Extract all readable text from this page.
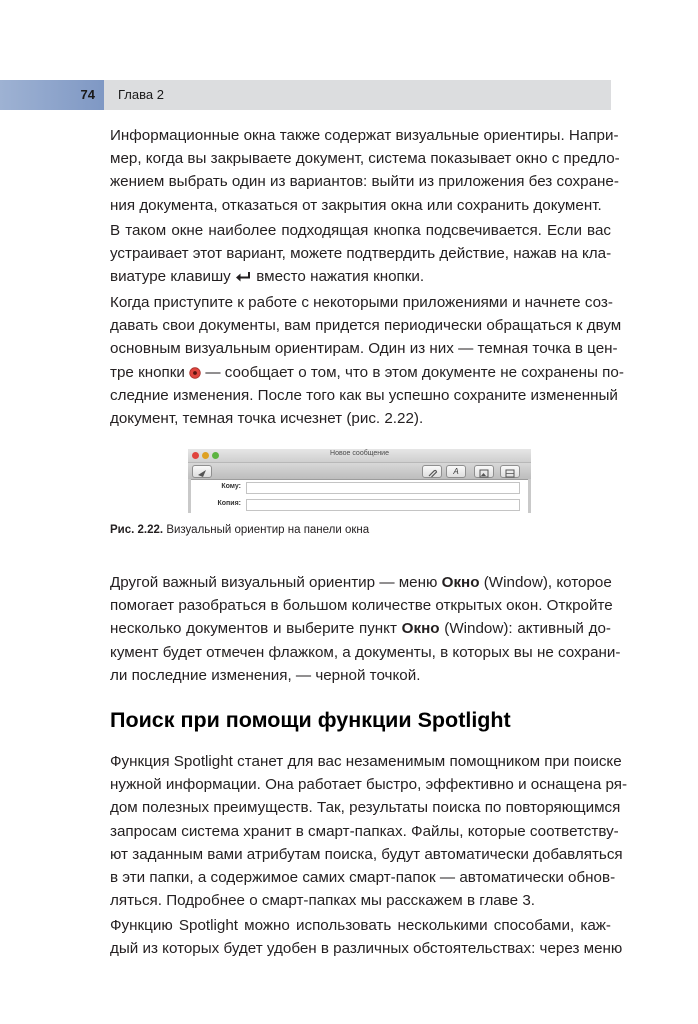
74 Глава 2

Информационные окна также содержат визуальные ориентиры. Напри-
мер, когда вы закрываете документ, система показывает окно с предло-
жением выбрать один из вариантов: выйти из приложения без сохране-
ния документа, отказаться от закрытия окна или сохранить документ.

В таком окне наиболее подходящая кнопка подсвечивается. Если вас
устраивает этот вариант, можете подтвердить действие, нажав на кла-
виатуре клавишу вместо нажатия кнопки.

Когда приступите к работе с некоторыми приложениями и начнете соз-
давать свои документы, вам придется периодически обращаться к двум
основным визуальным ориентирам. Один из них — темная точка в цен-
тре кнопки — сообщает о том, что в этом документе не сохранены по-
следние изменения. После того как вы успешно сохраните измененный
документ, темная точка исчезнет (рис. 2.22).

Новое сообщение
A
Кому:
Копия:
Рис. 2.22. Визуальный ориентир на панели окна

Другой важный визуальный ориентир — меню Окно (Window), которое
помогает разобраться в большом количестве открытых окон. Откройте
несколько документов и выберите пункт Окно (Window): активный до-
кумент будет отмечен флажком, а документы, в которых вы не сохрани-
ли последние изменения, — черной точкой.

Поиск при помощи функции Spotlight

Функция Spotlight станет для вас незаменимым помощником при поиске
нужной информации. Она работает быстро, эффективно и оснащена ря-
дом полезных преимуществ. Так, результаты поиска по повторяющимся
запросам система хранит в смарт-папках. Файлы, которые соответству-
ют заданным вами атрибутам поиска, будут автоматически добавляться
в эти папки, а содержимое самих смарт-папок — автоматически обнов-
ляться. Подробнее о смарт-папках мы расскажем в главе 3.

Функцию Spotlight можно использовать несколькими способами, каж-
дый из которых будет удобен в различных обстоятельствах: через меню
